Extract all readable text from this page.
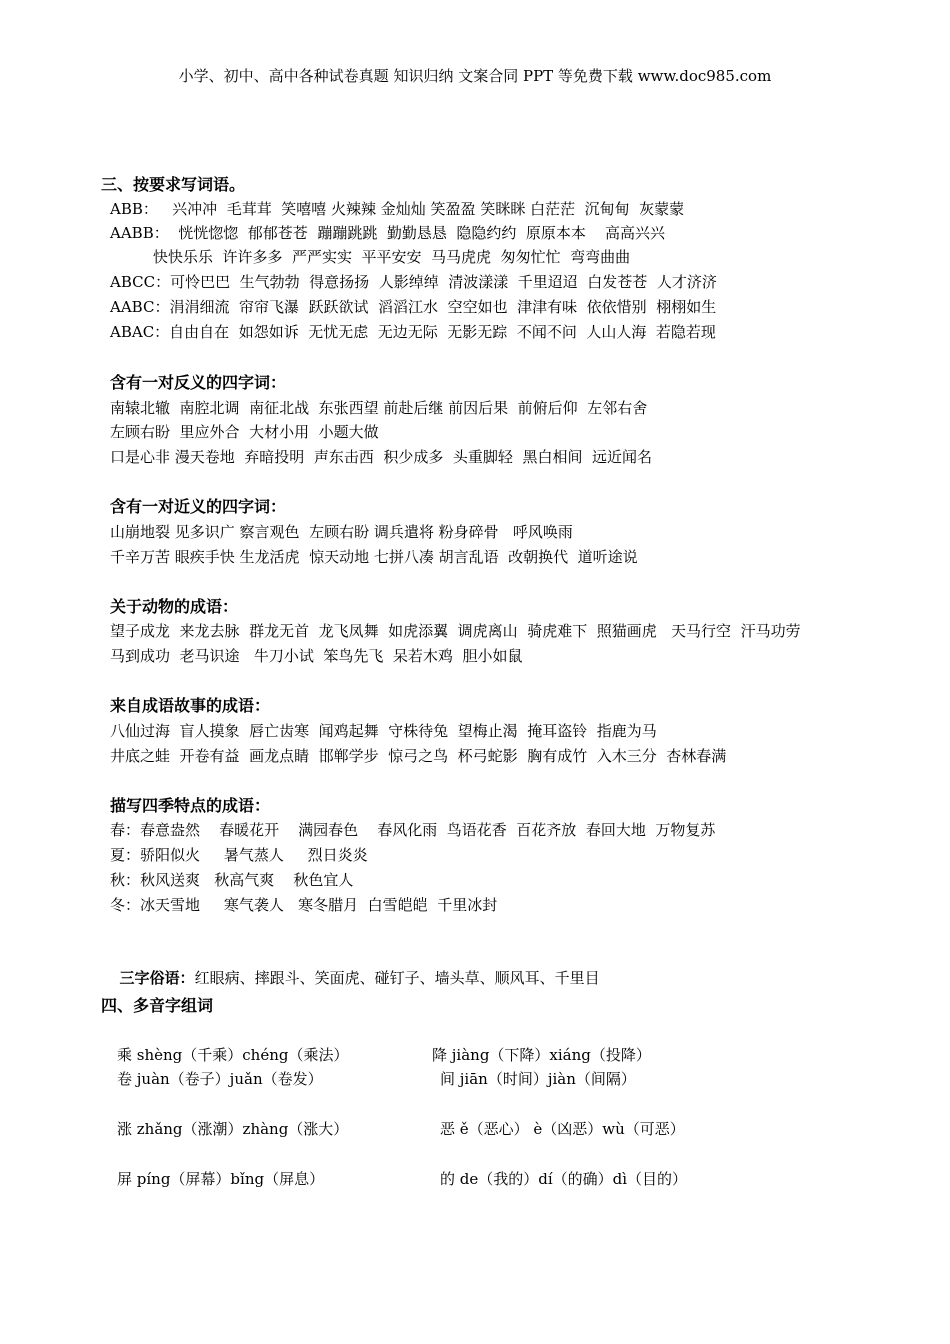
小学、初中、高中各种试卷真题 知识归纳 文案合同 PPT 等免费下载 www.doc985.com
三、按要求写词语。
ABB：   兴冲冲  毛茸茸  笑嘻嘻 火辣辣 金灿灿 笑盈盈 笑眯眯 白茫茫  沉甸甸  灰蒙蒙
AABB：  恍恍惚惚  郁郁苍苍  蹦蹦跳跳  勤勤恳恳  隐隐约约  原原本本    高高兴兴
快快乐乐  许许多多  严严实实  平平安安  马马虎虎  匆匆忙忙  弯弯曲曲
ABCC：可怜巴巴  生气勃勃  得意扬扬  人影绰绰  清波漾漾  千里迢迢  白发苍苍  人才济济
AABC：涓涓细流  帘帘飞瀑  跃跃欲试  滔滔江水  空空如也  津津有味  依依惜别  栩栩如生
ABAC：自由自在  如怨如诉  无忧无虑  无边无际  无影无踪  不闻不问  人山人海  若隐若现
含有一对反义的四字词：
南辕北辙  南腔北调  南征北战  东张西望 前赴后继 前因后果  前俯后仰  左邻右舍
左顾右盼  里应外合  大材小用  小题大做
口是心非 漫天卷地  弃暗投明  声东击西  积少成多  头重脚轻  黑白相间  远近闻名
含有一对近义的四字词：
山崩地裂 见多识广 察言观色  左顾右盼 调兵遣将 粉身碎骨   呼风唤雨
千辛万苦 眼疾手快 生龙活虎  惊天动地 七拼八凑 胡言乱语  改朝换代  道听途说
关于动物的成语：
望子成龙  来龙去脉  群龙无首  龙飞凤舞  如虎添翼  调虎离山  骑虎难下  照猫画虎   天马行空  汗马功劳
马到成功  老马识途   牛刀小试  笨鸟先飞  呆若木鸡  胆小如鼠
来自成语故事的成语：
八仙过海  盲人摸象  唇亡齿寒  闻鸡起舞  守株待兔  望梅止渴  掩耳盗铃  指鹿为马
井底之蛙  开卷有益  画龙点睛  邯郸学步  惊弓之鸟  杯弓蛇影  胸有成竹  入木三分  杏林春满
描写四季特点的成语：
春：春意盎然    春暖花开    满园春色    春风化雨  鸟语花香  百花齐放  春回大地  万物复苏
夏：骄阳似火     暑气蒸人     烈日炎炎
秋：秋风送爽   秋高气爽    秋色宜人
冬：冰天雪地     寒气袭人   寒冬腊月  白雪皑皑  千里冰封

三字俗语：红眼病、摔跟斗、笑面虎、碰钉子、墙头草、顺风耳、千里目

四、多音字组词
乘 shèng（千乘）chéng（乘法）
卷 juàn（卷子）juǎn（卷发）
涨 zhǎng（涨潮）zhàng（涨大）
屏 píng（屏幕）bǐng（屏息）
降 jiàng（下降）xiáng（投降）
间 jiān（时间）jiàn（间隔）
恶 ě（恶心） è（凶恶）wù（可恶）
的 de（我的）dí（的确）dì（目的）
